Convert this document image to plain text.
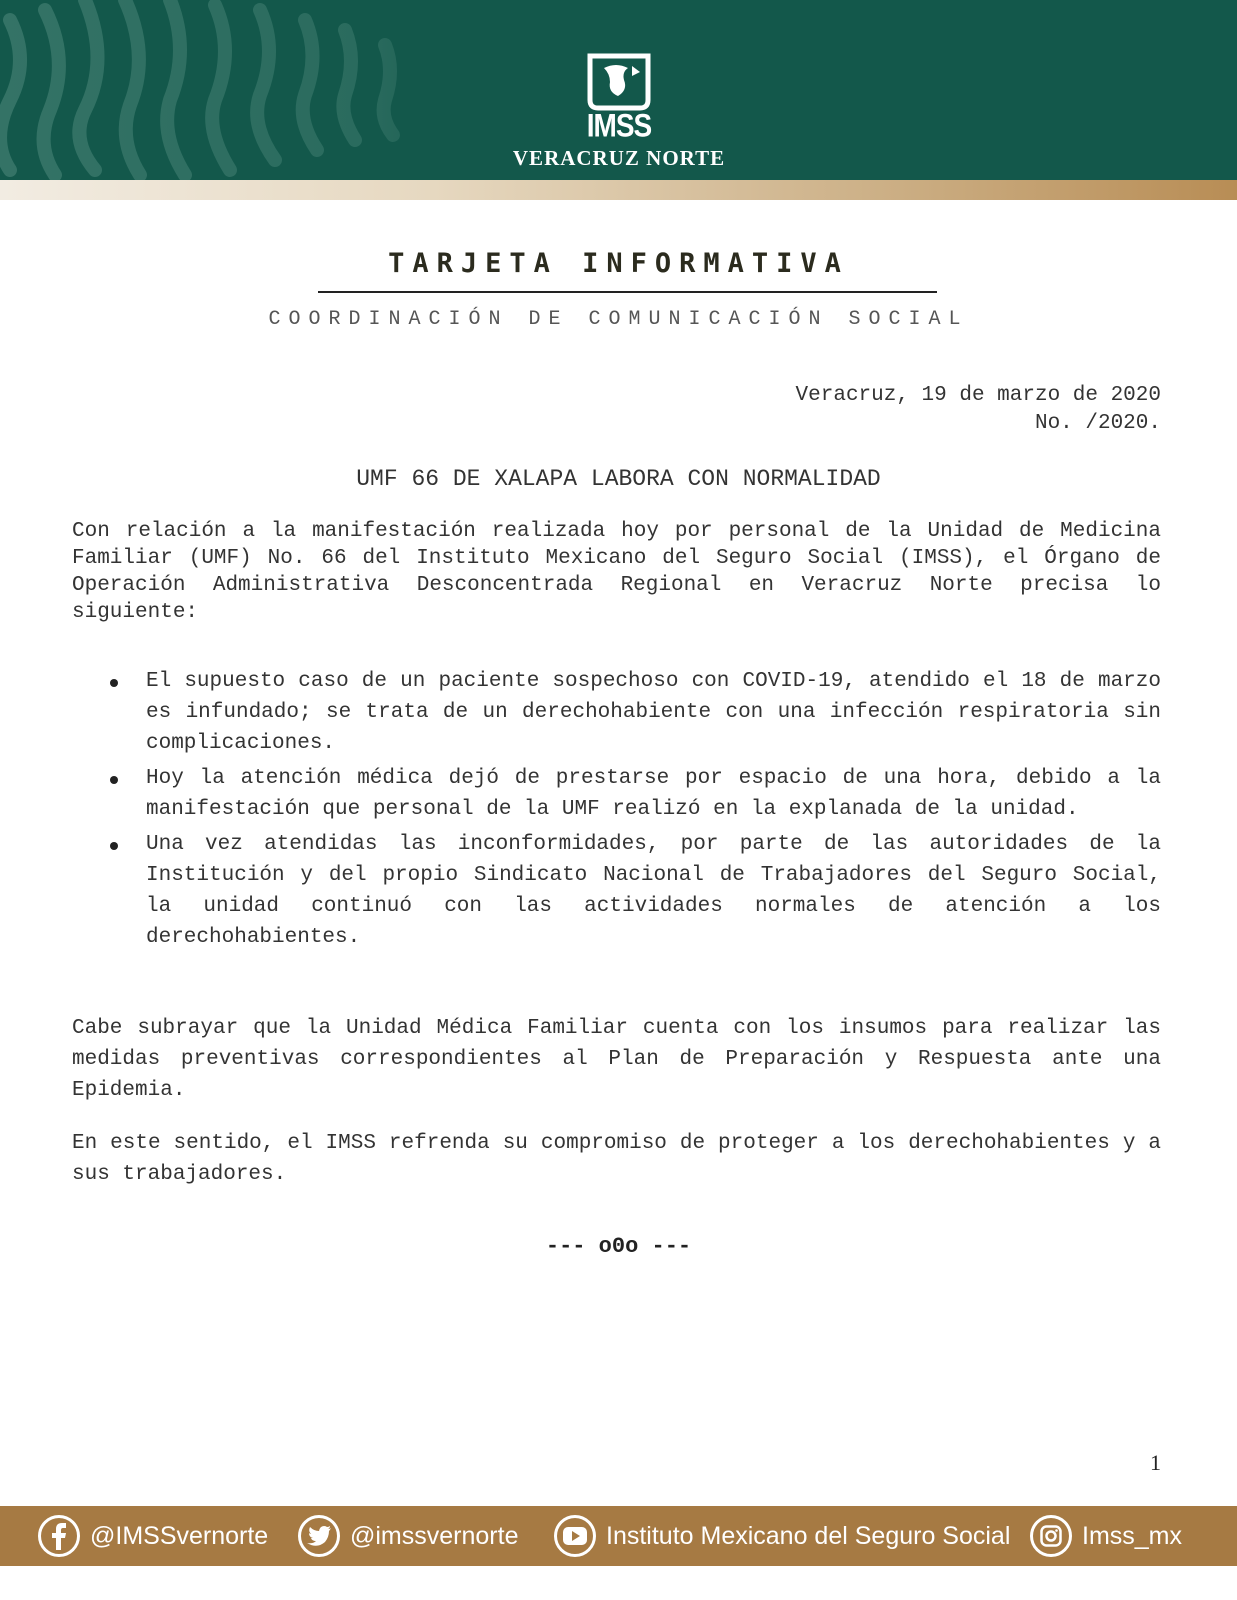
IMSS
VERACRUZ NORTE
TARJETA INFORMATIVA
COORDINACIÓN DE COMUNICACIÓN SOCIAL
Veracruz, 19 de marzo de 2020
No. /2020.
UMF 66 DE XALAPA LABORA CON NORMALIDAD
Con relación a la manifestación realizada hoy por personal de la Unidad de Medicina Familiar (UMF) No. 66 del Instituto Mexicano del Seguro Social (IMSS), el Órgano de Operación Administrativa Desconcentrada Regional en Veracruz Norte precisa lo siguiente:
El supuesto caso de un paciente sospechoso con COVID-19, atendido el 18 de marzo es infundado; se trata de un derechohabiente con una infección respiratoria sin complicaciones.
Hoy la atención médica dejó de prestarse por espacio de una hora, debido a la manifestación que personal de la UMF realizó en la explanada de la unidad.
Una vez atendidas las inconformidades, por parte de las autoridades de la Institución y del propio Sindicato Nacional de Trabajadores del Seguro Social, la unidad continuó con las actividades normales de atención a los derechohabientes.
Cabe subrayar que la Unidad Médica Familiar cuenta con los insumos para realizar las medidas preventivas correspondientes al Plan de Preparación y Respuesta ante una Epidemia.
En este sentido, el IMSS refrenda su compromiso de proteger a los derechohabientes y a sus trabajadores.
--- o0o ---
1
@IMSSvernorte	@imssvernorte	Instituto Mexicano del Seguro Social	Imss_mx
